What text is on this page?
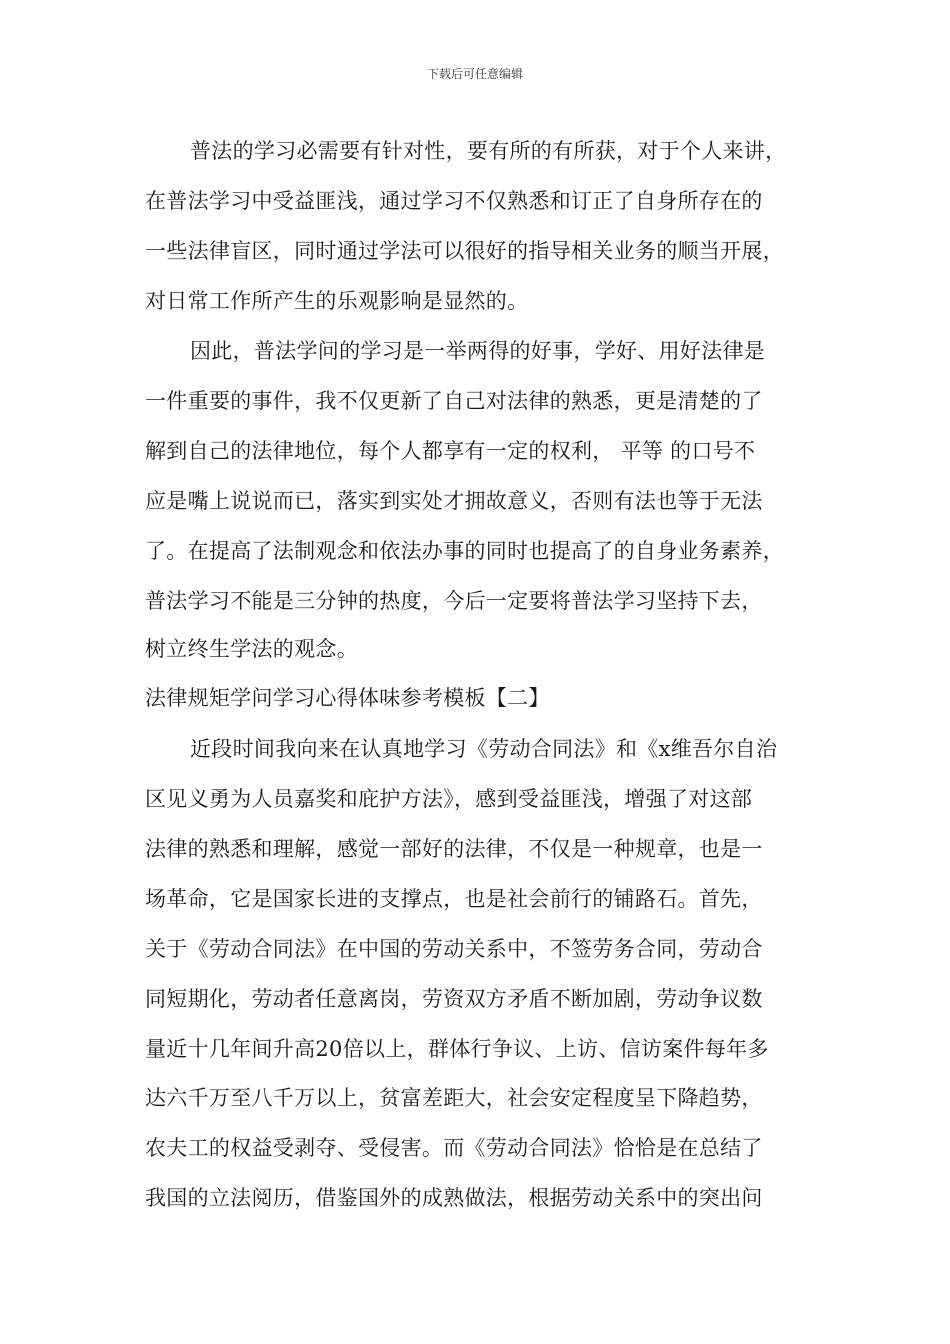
下载后可任意编辑
普法的学习必需要有针对性，要有所的有所获，对于个人来讲，
在普法学习中受益匪浅，通过学习不仅熟悉和订正了自身所存在的
一些法律盲区，同时通过学法可以很好的指导相关业务的顺当开展，
对日常工作所产生的乐观影响是显然的。
因此，普法学问的学习是一举两得的好事，学好、用好法律是
一件重要的事件，我不仅更新了自己对法律的熟悉，更是清楚的了
解到自己的法律地位，每个人都享有一定的权利， 平等 的口号不
应是嘴上说说而已，落实到实处才拥故意义，否则有法也等于无法
了。在提高了法制观念和依法办事的同时也提高了的自身业务素养，
普法学习不能是三分钟的热度，今后一定要将普法学习坚持下去，
树立终生学法的观念。
法律规矩学问学习心得体味参考模板【二】
近段时间我向来在认真地学习《劳动合同法》和《x维吾尔自治
区见义勇为人员嘉奖和庇护方法》，感到受益匪浅，增强了对这部
法律的熟悉和理解，感觉一部好的法律，不仅是一种规章，也是一
场革命，它是国家长进的支撑点，也是社会前行的铺路石。首先，
关于《劳动合同法》在中国的劳动关系中，不签劳务合同，劳动合
同短期化，劳动者任意离岗，劳资双方矛盾不断加剧，劳动争议数
量近十几年间升高20倍以上，群体行争议、上访、信访案件每年多
达六千万至八千万以上，贫富差距大，社会安定程度呈下降趋势，
农夫工的权益受剥夺、受侵害。而《劳动合同法》恰恰是在总结了
我国的立法阅历，借鉴国外的成熟做法，根据劳动关系中的突出问
